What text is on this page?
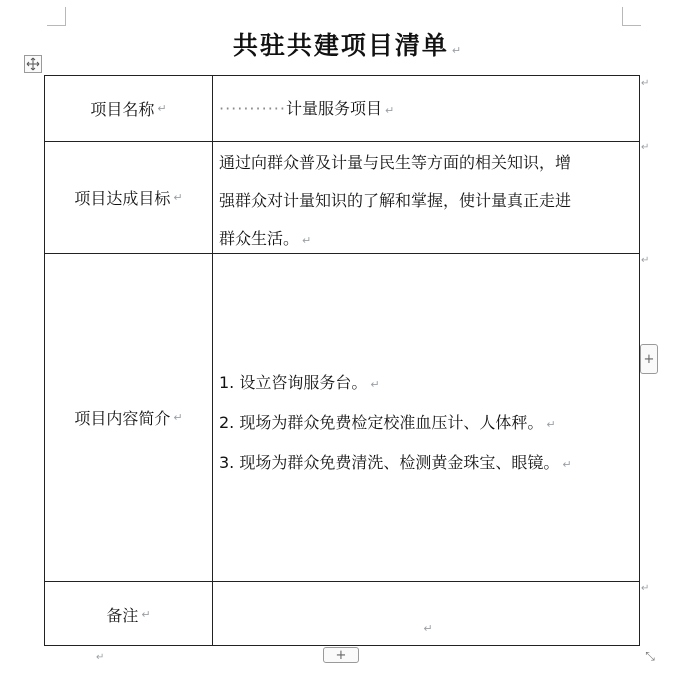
共驻共建项目清单 ↵
项目名称 ↵	···········计量服务项目 ↵
项目达成目标 ↵
通过向群众普及计量与民生等方面的相关知识，增
强群众对计量知识的了解和掌握，使计量真正走进
群众生活。 ↵
项目内容简介 ↵
1. 设立咨询服务台。 ↵
2. 现场为群众免费检定校准血压计、人体秤。 ↵
3. 现场为群众免费清洗、检测黄金珠宝、眼镜。 ↵
备注 ↵
↵
↵
↵
↵
↵
+
+	⤡
↵
